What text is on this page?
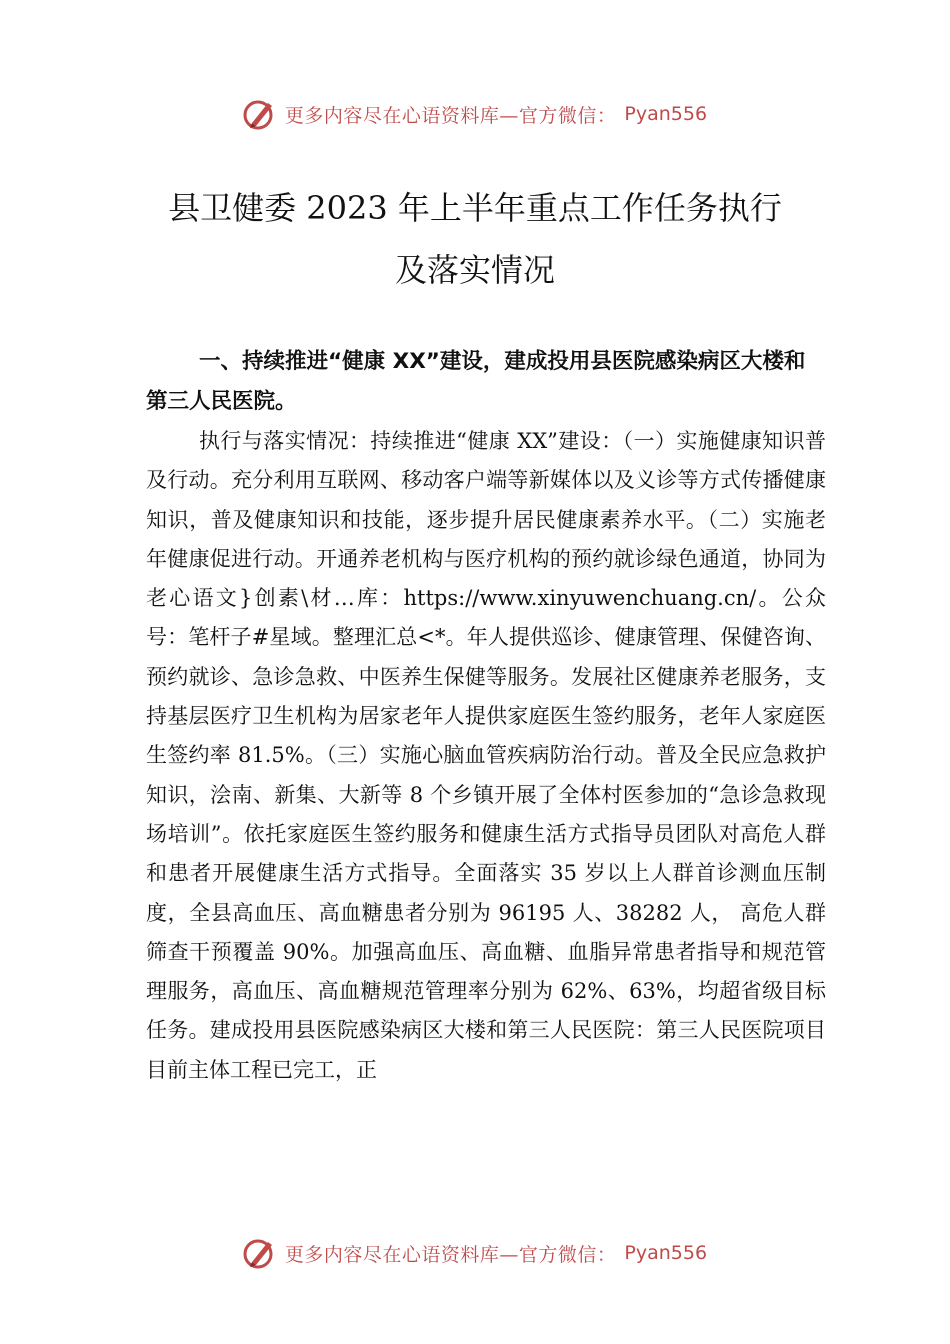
更多内容尽在心语资料库—官方微信： Pyan556
县卫健委 2023 年上半年重点工作任务执行
及落实情况
一、持续推进“健康 XX”建设，建成投用县医院感染病区大楼和第三人民医院。
执行与落实情况：持续推进“健康 XX”建设：（一）实施健康知识普及行动。充分利用互联网、移动客户端等新媒体以及义诊等方式传播健康知识，普及健康知识和技能，逐步提升居民健康素养水平。（二）实施老年健康促进行动。开通养老机构与医疗机构的预约就诊绿色通道，协同为老心语文}创素\材…库：https://www.xinyuwenchuang.cn/。公众号：笔杆子#星域。整理汇总<*。年人提供巡诊、健康管理、保健咨询、预约就诊、急诊急救、中医养生保健等服务。发展社区健康养老服务，支持基层医疗卫生机构为居家老年人提供家庭医生签约服务，老年人家庭医生签约率 81.5%。（三）实施心脑血管疾病防治行动。普及全民应急救护知识，浍南、新集、大新等 8 个乡镇开展了全体村医参加的“急诊急救现场培训”。依托家庭医生签约服务和健康生活方式指导员团队对高危人群和患者开展健康生活方式指导。全面落实 35 岁以上人群首诊测血压制度，全县高血压、高血糖患者分别为 96195 人、38282 人， 高危人群筛查干预覆盖 90%。加强高血压、高血糖、血脂异常患者指导和规范管理服务，高血压、高血糖规范管理率分别为 62%、63%，均超省级目标任务。建成投用县医院感染病区大楼和第三人民医院：第三人民医院项目目前主体工程已完工，正
更多内容尽在心语资料库—官方微信： Pyan556
